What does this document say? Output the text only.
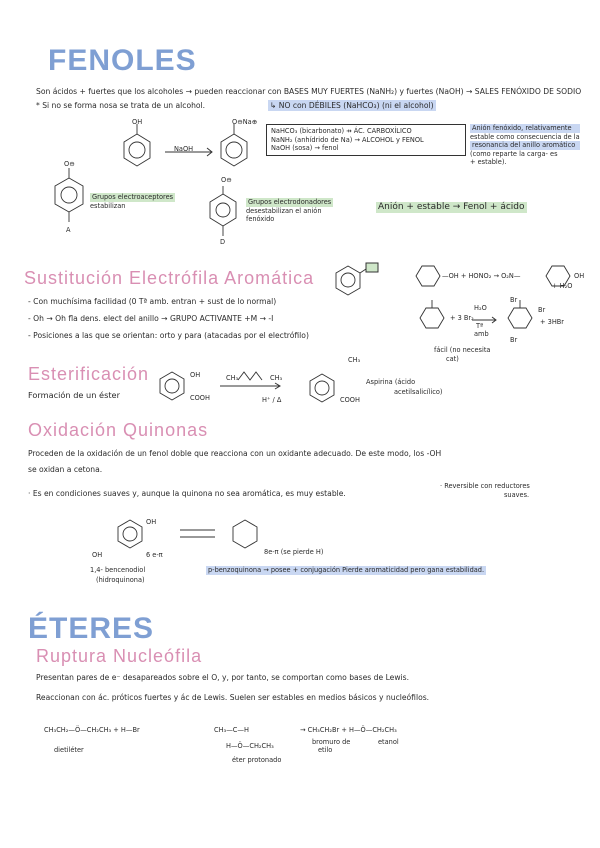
FENOLES
Son ácidos + fuertes que los alcoholes → pueden reaccionar con BASES MUY FUERTES (NaNH₂) y fuertes (NaOH) → SALES FENÓXIDO DE SODIO
* Si no se forma nosa se trata de un alcohol.	↳ NO con DÉBILES (NaHCO₃) (ni el alcohol)
OH
NaOH
O⊖Na⊕
NaHCO₃ (bicarbonato) ⇸ ÁC. CARBOXÍLICO
NaNH₂ (anhídrido de Na) → ALCOHOL y FENOL
NaOH (sosa) → fenol
Anión fenóxido, relativamente
estable como consecuencia de la
resonancia del anillo aromático
(como reparte la carga- es
+ estable).
O⊖
A
Grupos electroaceptores
estabilizan
O⊖
D
Grupos electrodonadores
desestabilizan el anión
fenóxido
Anión + estable → Fenol + ácido
Sustitución Electrófila Aromática
- Con muchísima facilidad (0 Tª amb. entran + sust de lo normal)
- Oh → Oh fla dens. elect del anillo → GRUPO ACTIVANTE +M → -I
- Posiciones a las que se orientan: orto y para (atacadas por el electrófilo)
—OH + HONO₂ → O₂N—	OH
+ H₂O
+ 3 Br₂
H₂O
Tª
amb
Br
Br
Br
+ 3HBr
fácil (no necesita
cat)
Esterificación
Formación de un éster
OH
COOH
CH₃	CH₃
H⁺ / Δ
CH₃
COOH
Aspirina (ácido
acetilsalicílico)
Oxidación Quinonas
Proceden de la oxidación de un fenol doble que reacciona con un oxidante adecuado. De este modo, los -OH
se oxidan a cetona.
· Es en condiciones suaves y, aunque la quinona no sea aromática, es muy estable.
· Reversible con reductores
suaves.
OH
OH	6 e-π
1,4- bencenodiol
(hidroquinona)
8e-π (se pierde H)
p-benzoquinona → posee + conjugación Pierde aromaticidad pero gana estabilidad.
ÉTERES
Ruptura Nucleófila
Presentan pares de e⁻ desapareados sobre el O, y, por tanto, se comportan como bases de Lewis.
Reaccionan con ác. próticos fuertes y ác de Lewis. Suelen ser estables en medios básicos y nucleófilos.
CH₃CH₂—Ö—CH₂CH₃ + H—Br
dietiléter
CH₃—C—H
H—Ö—CH₂CH₃
éter protonado
→ CH₃CH₂Br + H—Ö—CH₂CH₃
bromuro de
etilo
etanol
